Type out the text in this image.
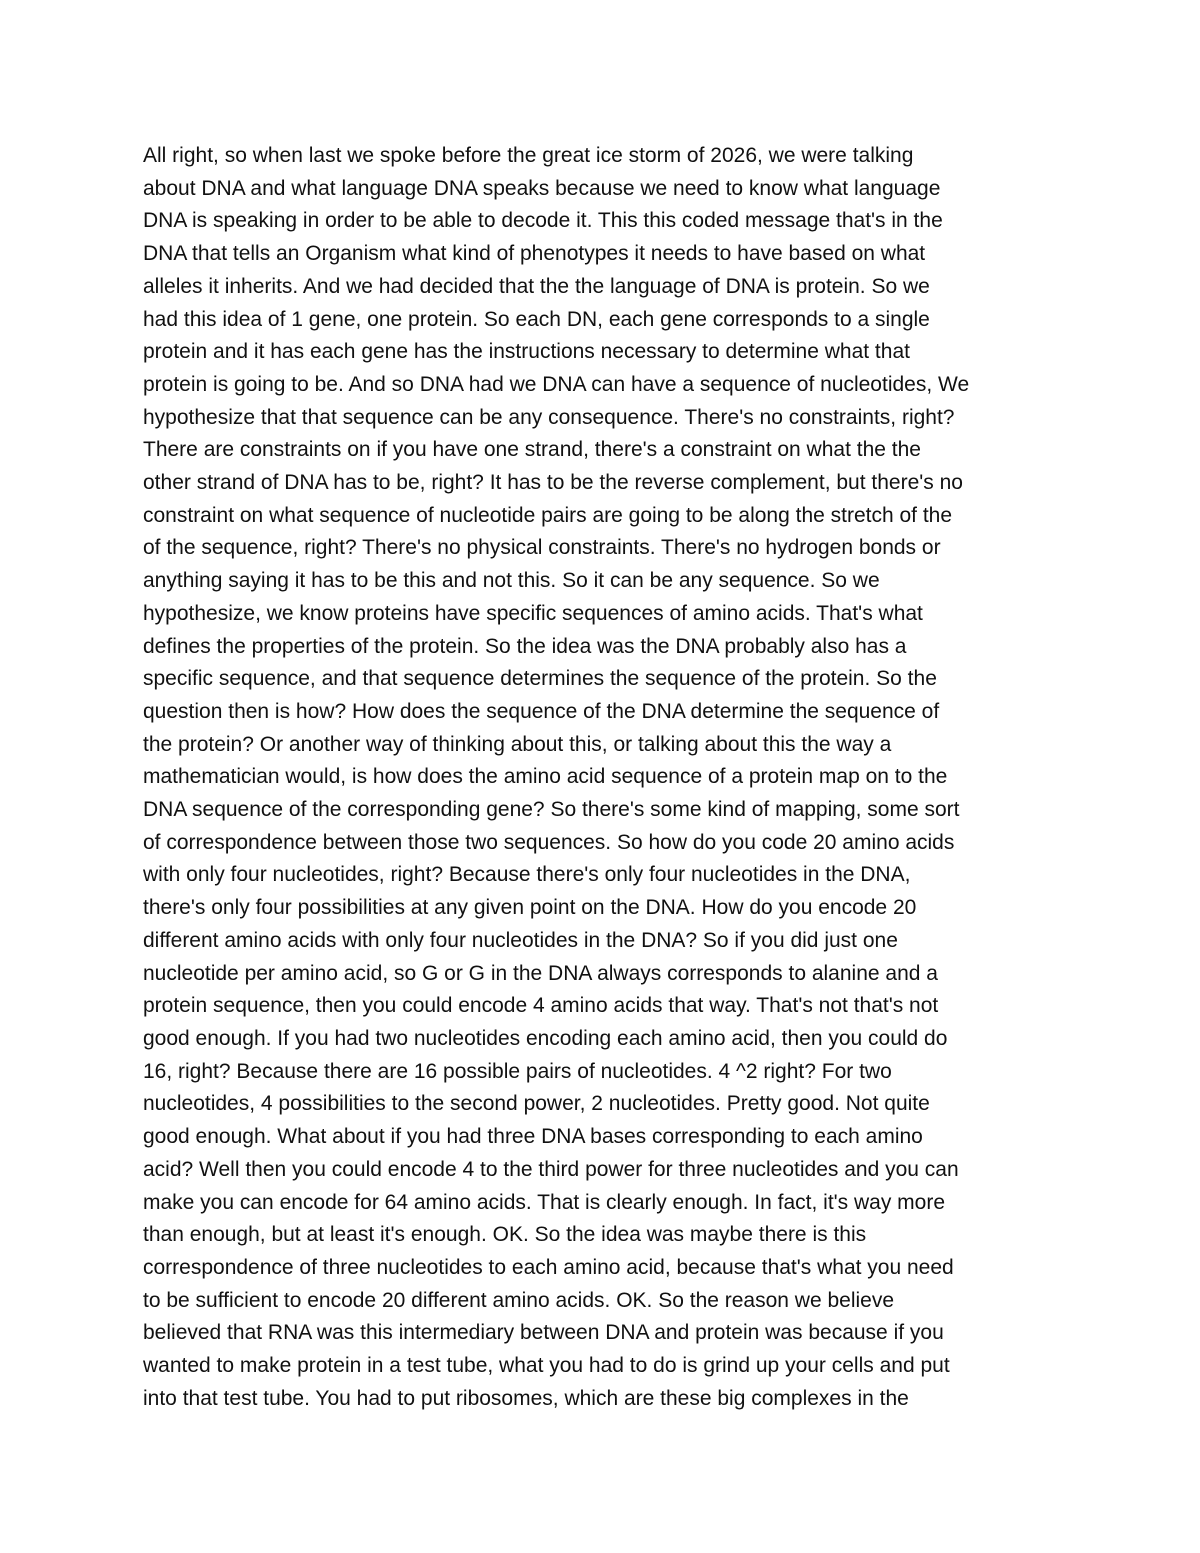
All right, so when last we spoke before the great ice storm of 2026, we were talking
about DNA and what language DNA speaks because we need to know what language
DNA is speaking in order to be able to decode it. This this coded message that's in the
DNA that tells an Organism what kind of phenotypes it needs to have based on what
alleles it inherits. And we had decided that the the language of DNA is protein. So we
had this idea of 1 gene, one protein. So each DN, each gene corresponds to a single
protein and it has each gene has the instructions necessary to determine what that
protein is going to be. And so DNA had we DNA can have a sequence of nucleotides, We
hypothesize that that sequence can be any consequence. There's no constraints, right?
There are constraints on if you have one strand, there's a constraint on what the the
other strand of DNA has to be, right? It has to be the reverse complement, but there's no
constraint on what sequence of nucleotide pairs are going to be along the stretch of the
of the sequence, right? There's no physical constraints. There's no hydrogen bonds or
anything saying it has to be this and not this. So it can be any sequence. So we
hypothesize, we know proteins have specific sequences of amino acids. That's what
defines the properties of the protein. So the idea was the DNA probably also has a
specific sequence, and that sequence determines the sequence of the protein. So the
question then is how? How does the sequence of the DNA determine the sequence of
the protein? Or another way of thinking about this, or talking about this the way a
mathematician would, is how does the amino acid sequence of a protein map on to the
DNA sequence of the corresponding gene? So there's some kind of mapping, some sort
of correspondence between those two sequences. So how do you code 20 amino acids
with only four nucleotides, right? Because there's only four nucleotides in the DNA,
there's only four possibilities at any given point on the DNA. How do you encode 20
different amino acids with only four nucleotides in the DNA? So if you did just one
nucleotide per amino acid, so G or G in the DNA always corresponds to alanine and a
protein sequence, then you could encode 4 amino acids that way. That's not that's not
good enough. If you had two nucleotides encoding each amino acid, then you could do
16, right? Because there are 16 possible pairs of nucleotides. 4 ^2 right? For two
nucleotides, 4 possibilities to the second power, 2 nucleotides. Pretty good. Not quite
good enough. What about if you had three DNA bases corresponding to each amino
acid? Well then you could encode 4 to the third power for three nucleotides and you can
make you can encode for 64 amino acids. That is clearly enough. In fact, it's way more
than enough, but at least it's enough. OK. So the idea was maybe there is this
correspondence of three nucleotides to each amino acid, because that's what you need
to be sufficient to encode 20 different amino acids. OK. So the reason we believe
believed that RNA was this intermediary between DNA and protein was because if you
wanted to make protein in a test tube, what you had to do is grind up your cells and put
into that test tube. You had to put ribosomes, which are these big complexes in the
